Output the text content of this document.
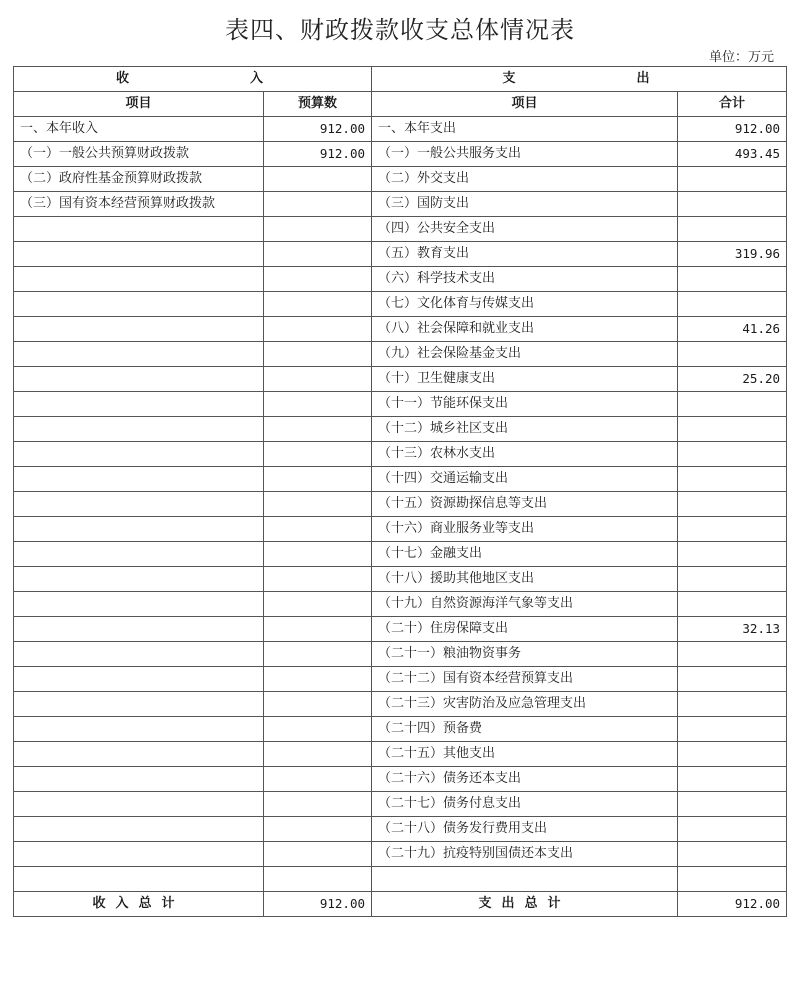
表四、财政拨款收支总体情况表
单位：万元
收　入		支　出	
项目	预算数	项目	合计
一、本年收入	912.00	一、本年支出	912.00
（一）一般公共预算财政拨款	912.00	（一）一般公共服务支出	493.45
（二）政府性基金预算财政拨款		（二）外交支出	
（三）国有资本经营预算财政拨款		（三）国防支出	
		（四）公共安全支出	
		（五）教育支出	319.96
		（六）科学技术支出	
		（七）文化体育与传媒支出	
		（八）社会保障和就业支出	41.26
		（九）社会保险基金支出	
		（十）卫生健康支出	25.20
		（十一）节能环保支出	
		（十二）城乡社区支出	
		（十三）农林水支出	
		（十四）交通运输支出	
		（十五）资源勘探信息等支出	
		（十六）商业服务业等支出	
		（十七）金融支出	
		（十八）援助其他地区支出	
		（十九）自然资源海洋气象等支出	
		（二十）住房保障支出	32.13
		（二十一）粮油物资事务	
		（二十二）国有资本经营预算支出	
		（二十三）灾害防治及应急管理支出	
		（二十四）预备费	
		（二十五）其他支出	
		（二十六）债务还本支出	
		（二十七）债务付息支出	
		（二十八）债务发行费用支出	
		（二十九）抗疫特别国债还本支出	

收入总计	912.00	支出总计	912.00
